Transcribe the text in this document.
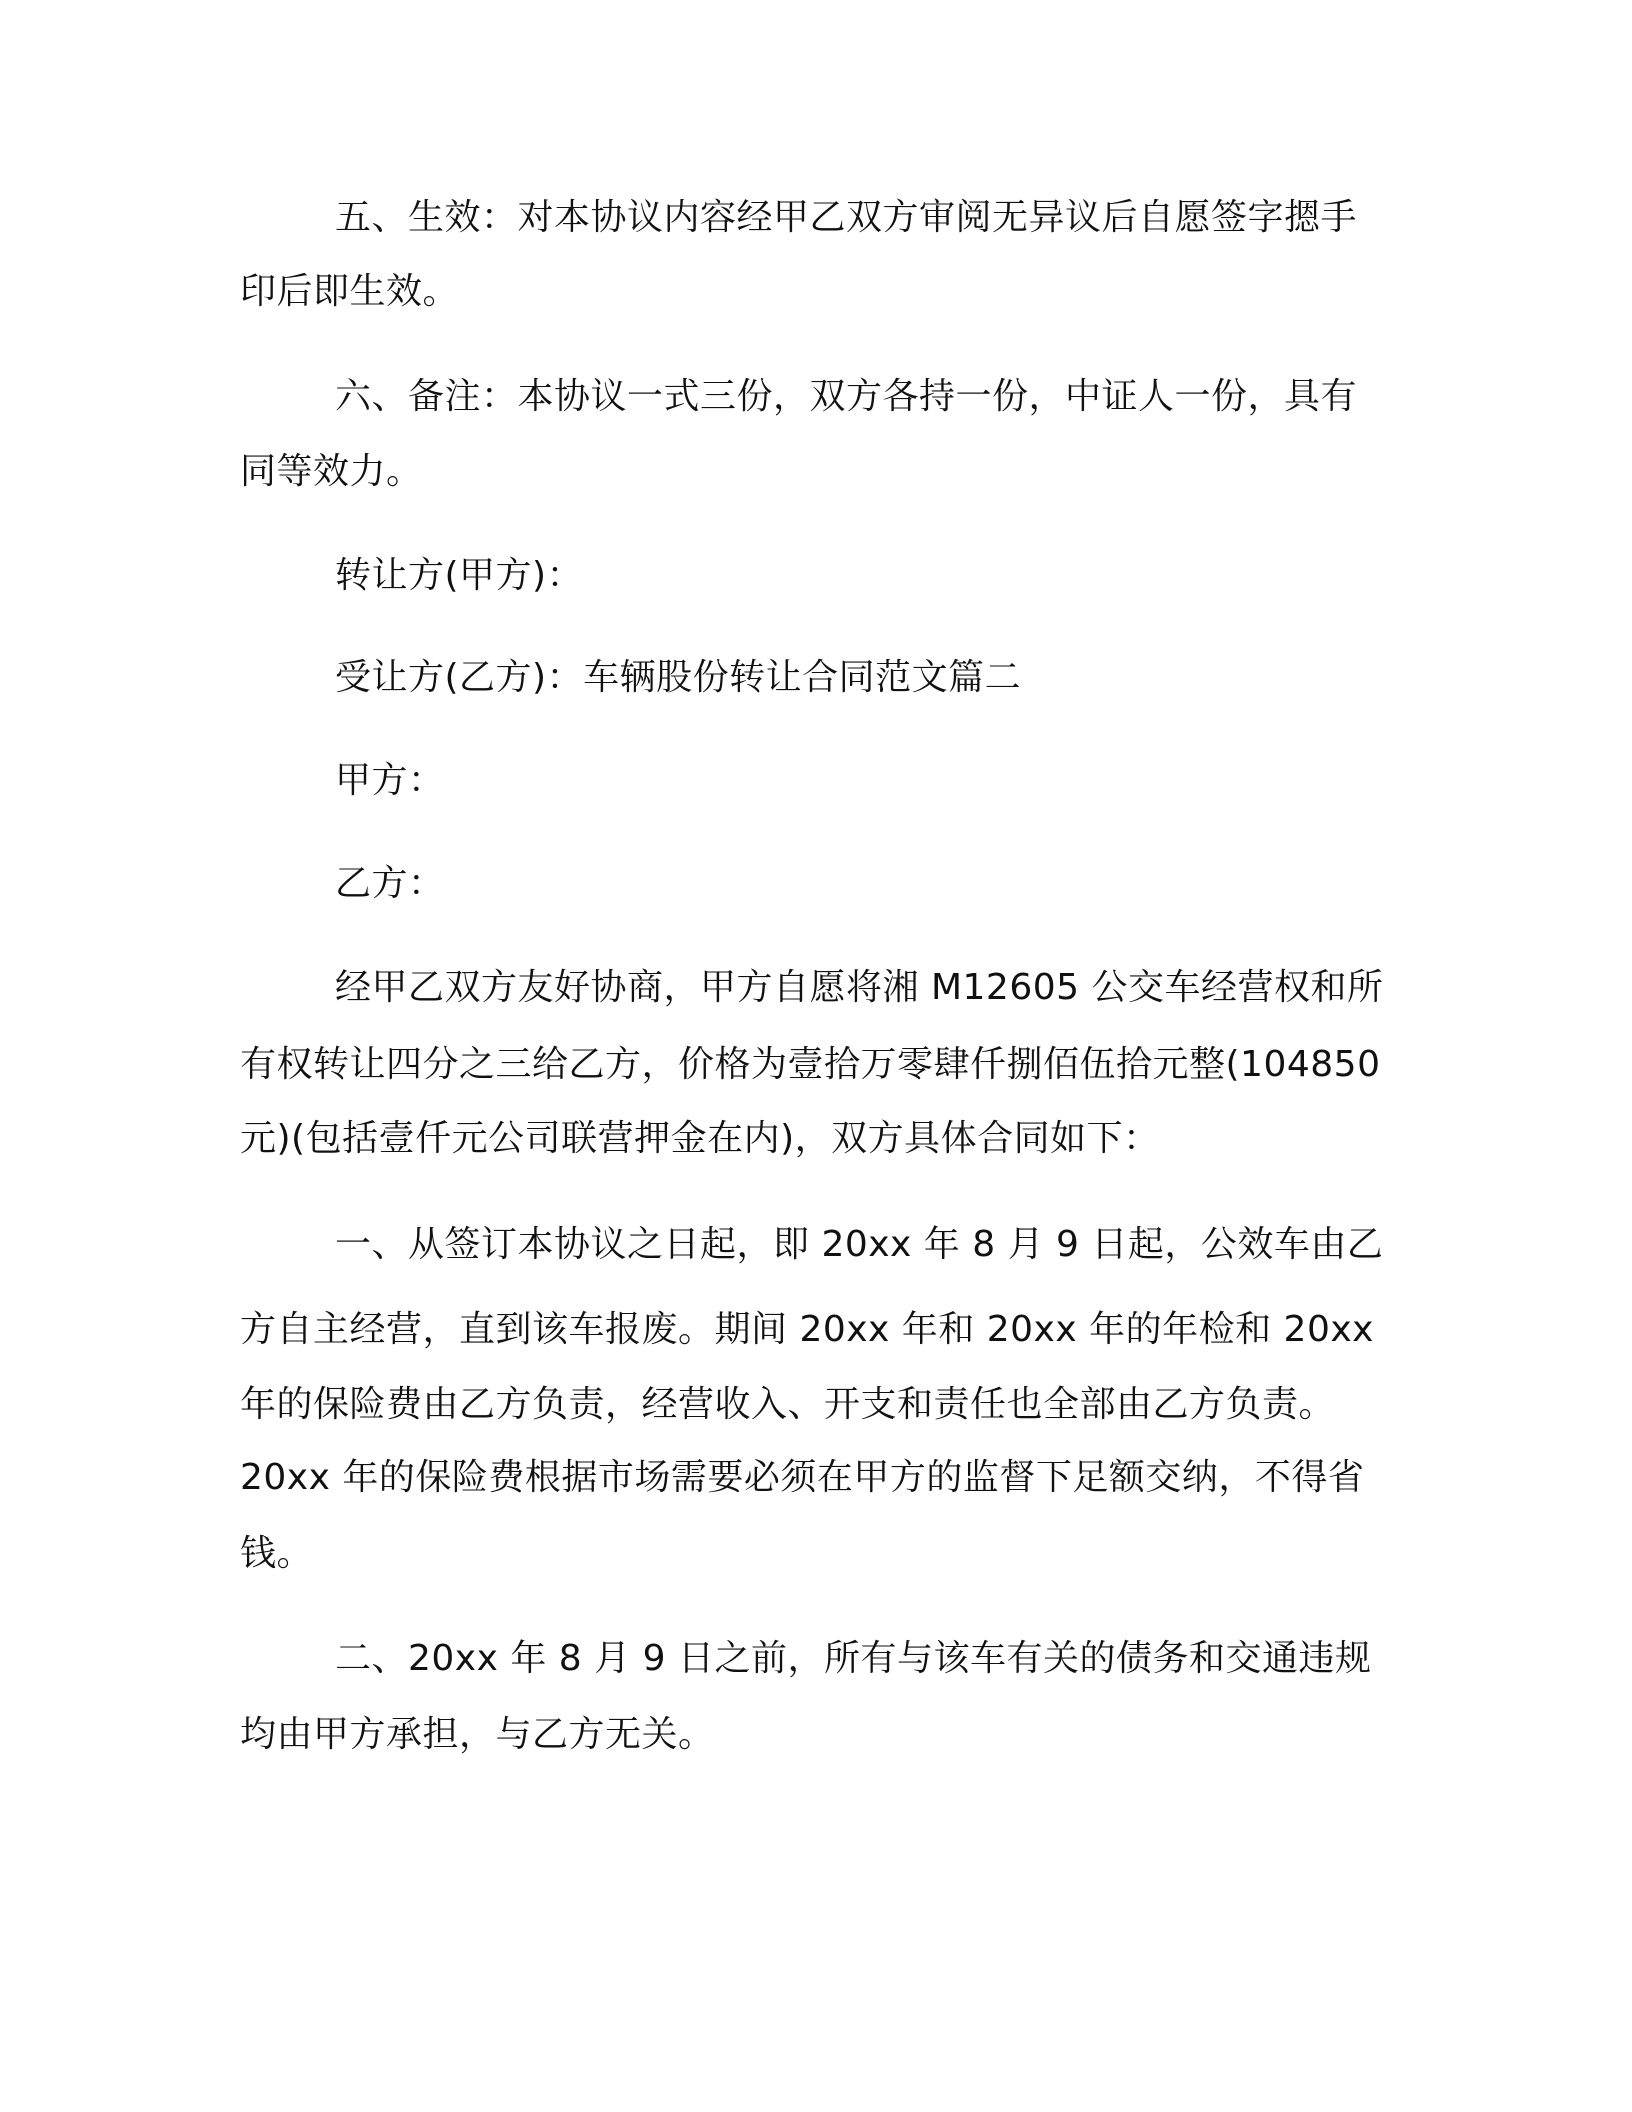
五、生效：对本协议内容经甲乙双方审阅无异议后自愿签字摁手

印后即生效。

六、备注：本协议一式三份，双方各持一份，中证人一份，具有

同等效力。

转让方(甲方)：

受让方(乙方)：车辆股份转让合同范文篇二

甲方：

乙方：

经甲乙双方友好协商，甲方自愿将湘 M12605 公交车经营权和所

有权转让四分之三给乙方，价格为壹拾万零肆仟捌佰伍拾元整(104850

元)(包括壹仟元公司联营押金在内)，双方具体合同如下：

一、从签订本协议之日起，即 20xx 年 8 月 9 日起，公效车由乙

方自主经营，直到该车报废。期间 20xx 年和 20xx 年的年检和 20xx

年的保险费由乙方负责，经营收入、开支和责任也全部由乙方负责。

20xx 年的保险费根据市场需要必须在甲方的监督下足额交纳，不得省

钱。

二、20xx 年 8 月 9 日之前，所有与该车有关的债务和交通违规

均由甲方承担，与乙方无关。
